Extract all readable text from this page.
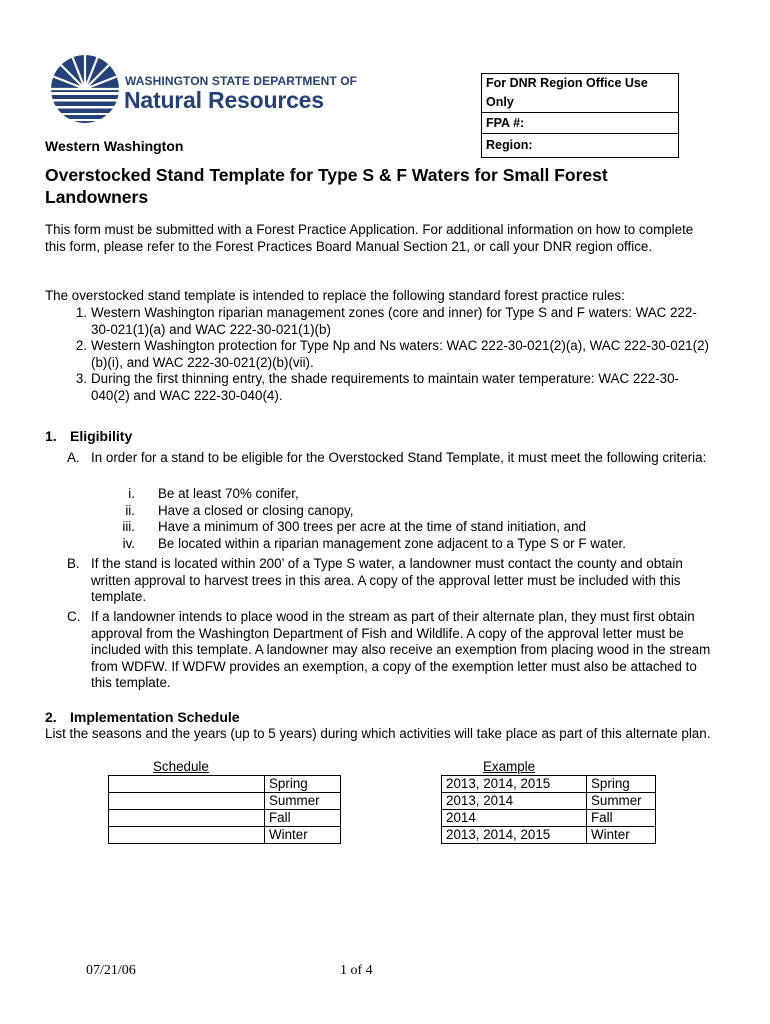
WASHINGTON STATE DEPARTMENT OF
Natural Resources
For DNR Region Office Use Only
FPA #:
Region:
Western Washington
Overstocked Stand Template for Type S & F Waters for Small Forest Landowners
This form must be submitted with a Forest Practice Application. For additional information on how to complete this form, please refer to the Forest Practices Board Manual Section 21, or call your DNR region office.
The overstocked stand template is intended to replace the following standard forest practice rules:
1. Western Washington riparian management zones (core and inner) for Type S and F waters: WAC 222-30-021(1)(a) and WAC 222-30-021(1)(b)
2. Western Washington protection for Type Np and Ns waters: WAC 222-30-021(2)(a), WAC 222-30-021(2)(b)(i), and WAC 222-30-021(2)(b)(vii).
3. During the first thinning entry, the shade requirements to maintain water temperature: WAC 222-30-040(2) and WAC 222-30-040(4).
1. Eligibility
A. In order for a stand to be eligible for the Overstocked Stand Template, it must meet the following criteria:
i. Be at least 70% conifer,
ii. Have a closed or closing canopy,
iii. Have a minimum of 300 trees per acre at the time of stand initiation, and
iv. Be located within a riparian management zone adjacent to a Type S or F water.
B. If the stand is located within 200’ of a Type S water, a landowner must contact the county and obtain written approval to harvest trees in this area. A copy of the approval letter must be included with this template.
C. If a landowner intends to place wood in the stream as part of their alternate plan, they must first obtain approval from the Washington Department of Fish and Wildlife. A copy of the approval letter must be included with this template. A landowner may also receive an exemption from placing wood in the stream from WDFW. If WDFW provides an exemption, a copy of the exemption letter must also be attached to this template.
2. Implementation Schedule
List the seasons and the years (up to 5 years) during which activities will take place as part of this alternate plan.
Schedule	Example
	Spring
	Summer
	Fall
	Winter
2013, 2014, 2015	Spring
2013, 2014	Summer
2014	Fall
2013, 2014, 2015	Winter
07/21/06	1 of 4
